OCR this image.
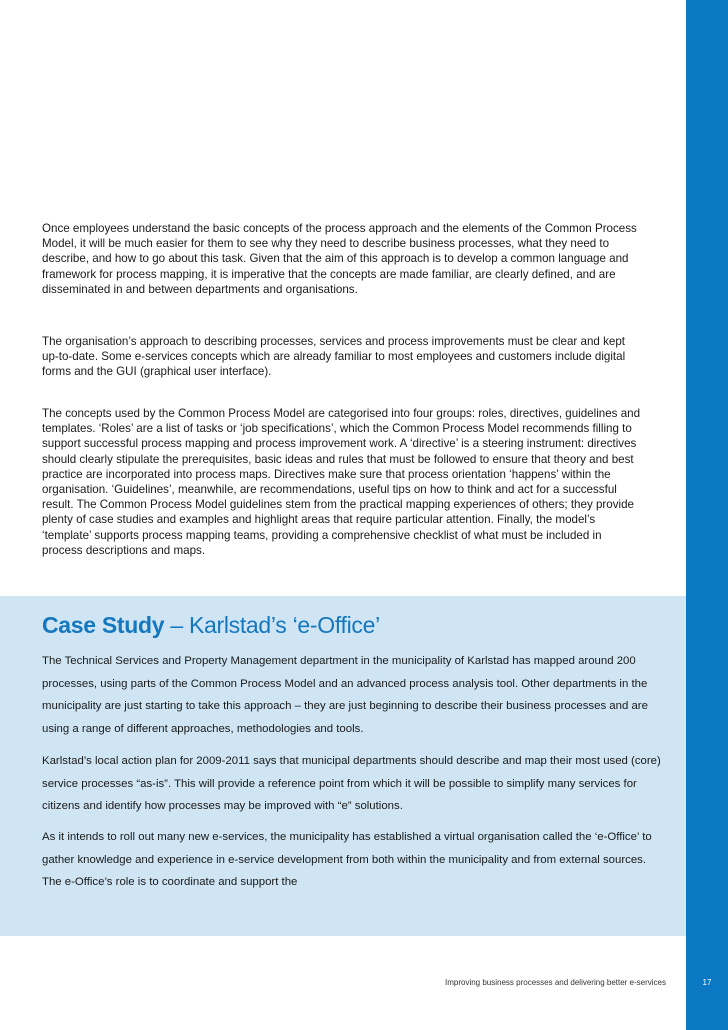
Once employees understand the basic concepts of the process approach and the elements of the Common Process Model, it will be much easier for them to see why they need to describe business processes, what they need to describe, and how to go about this task. Given that the aim of this approach is to develop a common language and framework for process mapping, it is imperative that the concepts are made familiar, are clearly defined, and are disseminated in and between departments and organisations.

The organisation’s approach to describing processes, services and process improvements must be clear and kept up-to-date. Some e-services concepts which are already familiar to most employees and customers include digital forms and the GUI (graphical user interface).

The concepts used by the Common Process Model are categorised into four groups: roles, directives, guidelines and templates. ‘Roles’ are a list of tasks or ‘job specifications’, which the Common Process Model recommends filling to support successful process mapping and process improvement work. A ‘directive’ is a steering instrument: directives should clearly stipulate the prerequisites, basic ideas and rules that must be followed to ensure that theory and best practice are incorporated into process maps. Directives make sure that process orientation ‘happens’ within the organisation. ‘Guidelines’, meanwhile, are recommendations, useful tips on how to think and act for a successful result. The Common Process Model guidelines stem from the practical mapping experiences of others; they provide plenty of case studies and examples and highlight areas that require particular attention. Finally, the model’s ‘template’ supports process mapping teams, providing a comprehensive checklist of what must be included in process descriptions and maps.

Case Study – Karlstad’s ‘e-Office’

The Technical Services and Property Management department in the municipality of Karlstad has mapped around 200 processes, using parts of the Common Process Model and an advanced process analysis tool. Other departments in the municipality are just starting to take this approach – they are just beginning to describe their business processes and are using a range of different approaches, methodologies and tools.

Karlstad’s local action plan for 2009-2011 says that municipal departments should describe and map their most used (core) service processes “as-is”. This will provide a reference point from which it will be possible to simplify many services for citizens and identify how processes may be improved with “e” solutions.

As it intends to roll out many new e-services, the municipality has established a virtual organisation called the ‘e-Office’ to gather knowledge and experience in e-service development from both within the municipality and from external sources. The e-Office’s role is to coordinate and support the

Improving business processes and delivering better e-services	17
